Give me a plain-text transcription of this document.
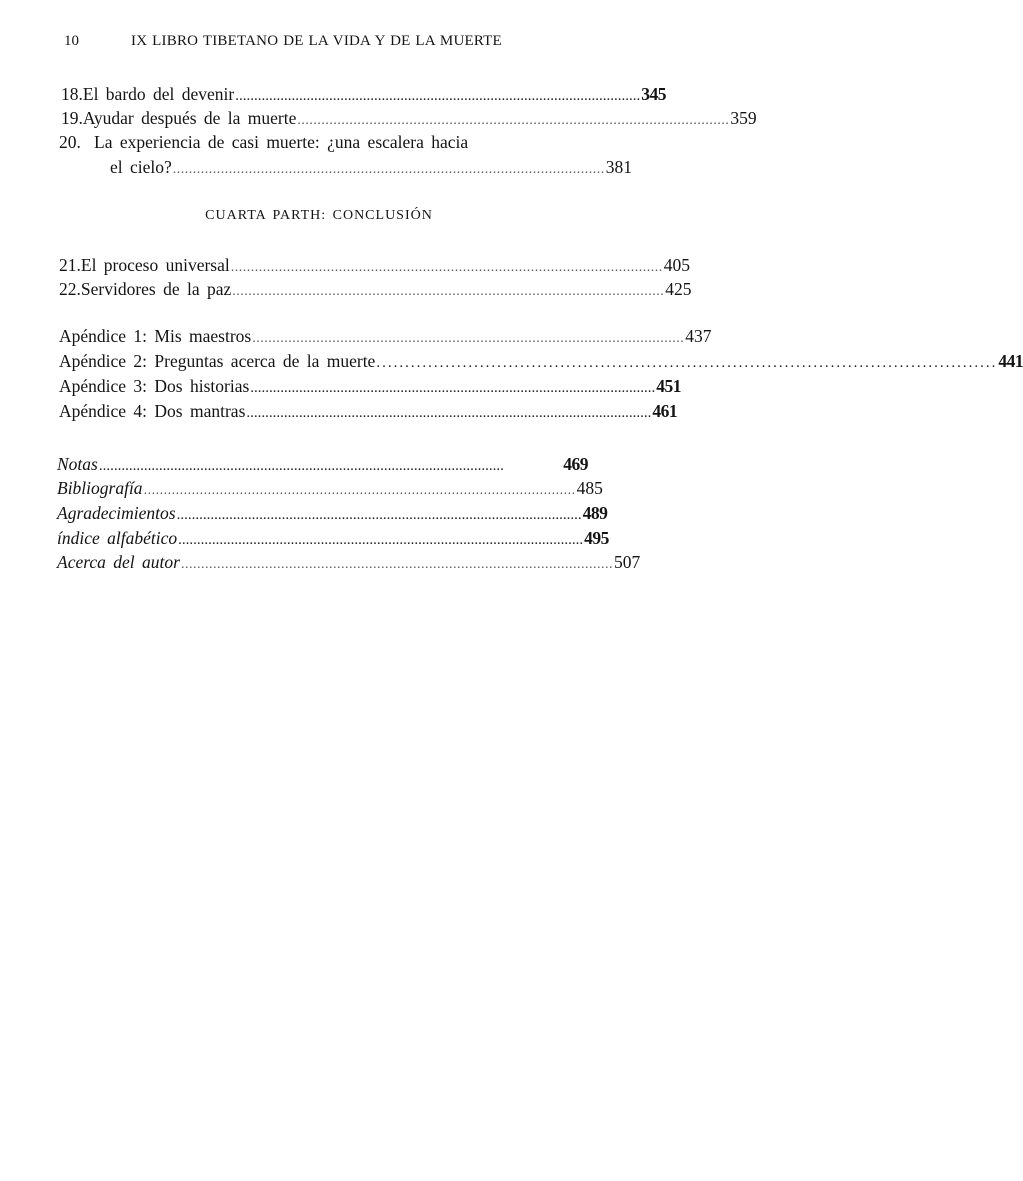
10	IX LIBRO TIBETANO DE LA VIDA Y DE LA MUERTE
18. El bardo del devenir ............................................................................................................ 345
19. Ayudar después de la muerte ............................................................................................................ 359
20. La experiencia de casi muerte: ¿una escalera hacia
el cielo? ............................................................................................................ 381
CUARTA PARTH: CONCLUSIÓN
21. El proceso universal ............................................................................................................ 405
22. Servidores de la paz ............................................................................................................ 425
Apéndice 1: Mis maestros ............................................................................................................ 437
Apéndice 2: Preguntas acerca de la muerte ............................................................................................................ 441
Apéndice 3: Dos historias ............................................................................................................ 451
Apéndice 4: Dos mantras ............................................................................................................ 461
Notas ............................................................................................................	469
Bibliografía ............................................................................................................ 485
Agradecimientos ............................................................................................................ 489
índice alfabético ............................................................................................................ 495
Acerca del autor ............................................................................................................ 507
